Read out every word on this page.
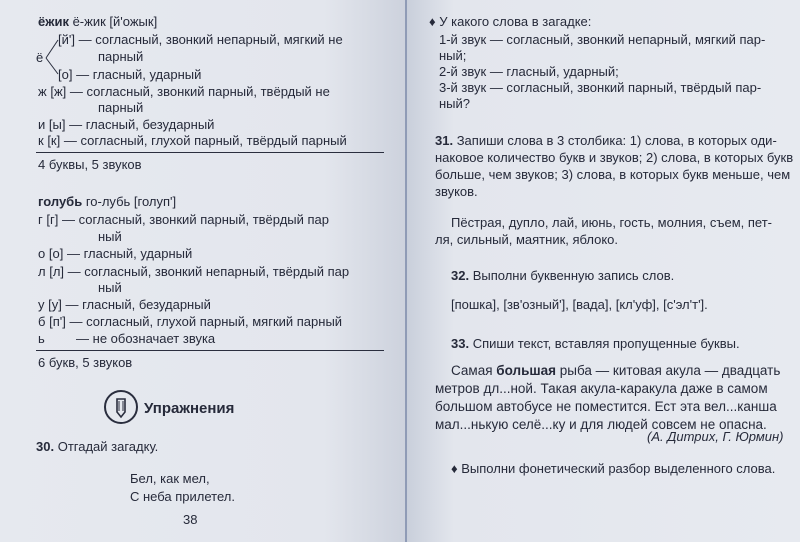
ёжик ё-жик [й'ожык]
[й'] — согласный, звонкий непарный, мягкий не
парный
ё
[о] — гласный, ударный
ж [ж] — согласный, звонкий парный, твёрдый не
парный
и [ы] — гласный, безударный
к [к] — согласный, глухой парный, твёрдый парный
4 буквы, 5 звуков
голубь го-лубь [голуп']
г [г] — согласный, звонкий парный, твёрдый пар
ный
о [о] — гласный, ударный
л [л] — согласный, звонкий непарный, твёрдый пар
ный
у [у] — гласный, безударный
б [п'] — согласный, глухой парный, мягкий парный
ь — не обозначает звука
6 букв, 5 звуков
Упражнения
30. Отгадай загадку.
Бел, как мел,
С неба прилетел.
38
♦ У какого слова в загадке:
1-й звук — согласный, звонкий непарный, мягкий пар-
ный;
2-й звук — гласный, ударный;
3-й звук — согласный, звонкий парный, твёрдый пар-
ный?
31. Запиши слова в 3 столбика: 1) слова, в которых оди-
наковое количество букв и звуков; 2) слова, в которых букв
больше, чем звуков; 3) слова, в которых букв меньше, чем
звуков.
Пёстрая, дупло, лай, июнь, гость, молния, съем, пет-
ля, сильный, маятник, яблоко.
32. Выполни буквенную запись слов.
[пошка], [зв'озный'], [вада], [кл'уф], [с'эл'т'].
33. Спиши текст, вставляя пропущенные буквы.
Самая большая рыба — китовая акула — двадцать
метров дл...ной. Такая акула-каракула даже в самом
большом автобусе не поместится. Ест эта вел...канша
мал...нькую селё...ку и для людей совсем не опасна.
(А. Дитрих, Г. Юрмин)
♦ Выполни фонетический разбор выделенного слова.
